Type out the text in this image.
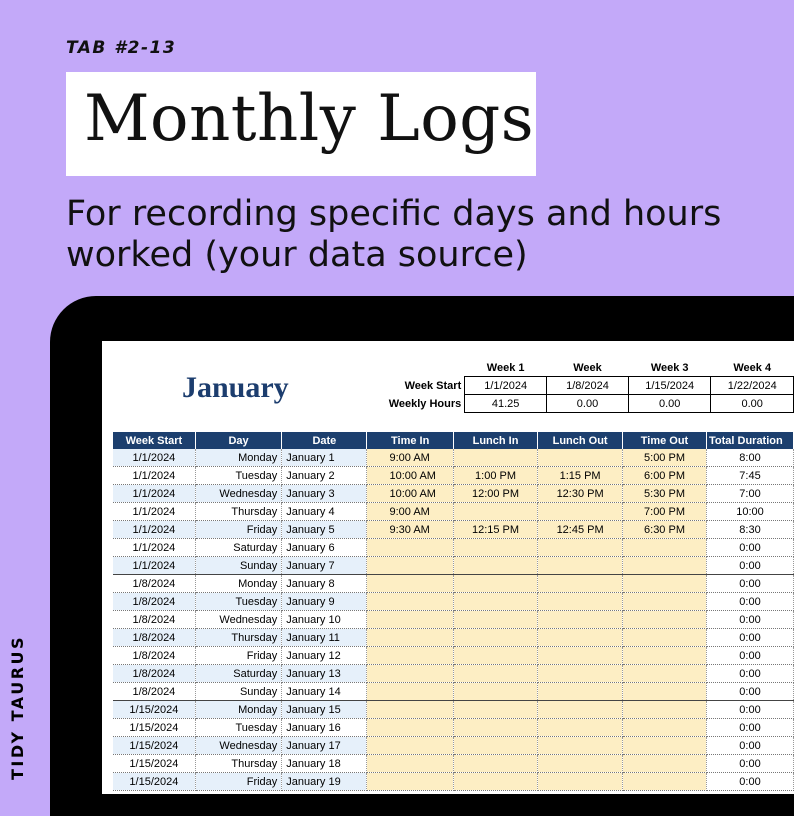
TAB #2-13
Monthly Logs
For recording specific days and hours worked (your data source)
TIDY TAURUS
January
	Week 1	Week	Week 3	Week 4
Week Start	1/1/2024	1/8/2024	1/15/2024	1/22/2024
Weekly Hours	41.25	0.00	0.00	0.00
Week Start	Day	Date	Time In	Lunch In	Lunch Out	Time Out	Total Duration
1/1/2024	Monday	January 1	9:00 AM			5:00 PM	8:00
1/1/2024	Tuesday	January 2	10:00 AM	1:00 PM	1:15 PM	6:00 PM	7:45
1/1/2024	Wednesday	January 3	10:00 AM	12:00 PM	12:30 PM	5:30 PM	7:00
1/1/2024	Thursday	January 4	9:00 AM			7:00 PM	10:00
1/1/2024	Friday	January 5	9:30 AM	12:15 PM	12:45 PM	6:30 PM	8:30
1/1/2024	Saturday	January 6					0:00
1/1/2024	Sunday	January 7					0:00
1/8/2024	Monday	January 8					0:00
1/8/2024	Tuesday	January 9					0:00
1/8/2024	Wednesday	January 10					0:00
1/8/2024	Thursday	January 11					0:00
1/8/2024	Friday	January 12					0:00
1/8/2024	Saturday	January 13					0:00
1/8/2024	Sunday	January 14					0:00
1/15/2024	Monday	January 15					0:00
1/15/2024	Tuesday	January 16					0:00
1/15/2024	Wednesday	January 17					0:00
1/15/2024	Thursday	January 18					0:00
1/15/2024	Friday	January 19					0:00
